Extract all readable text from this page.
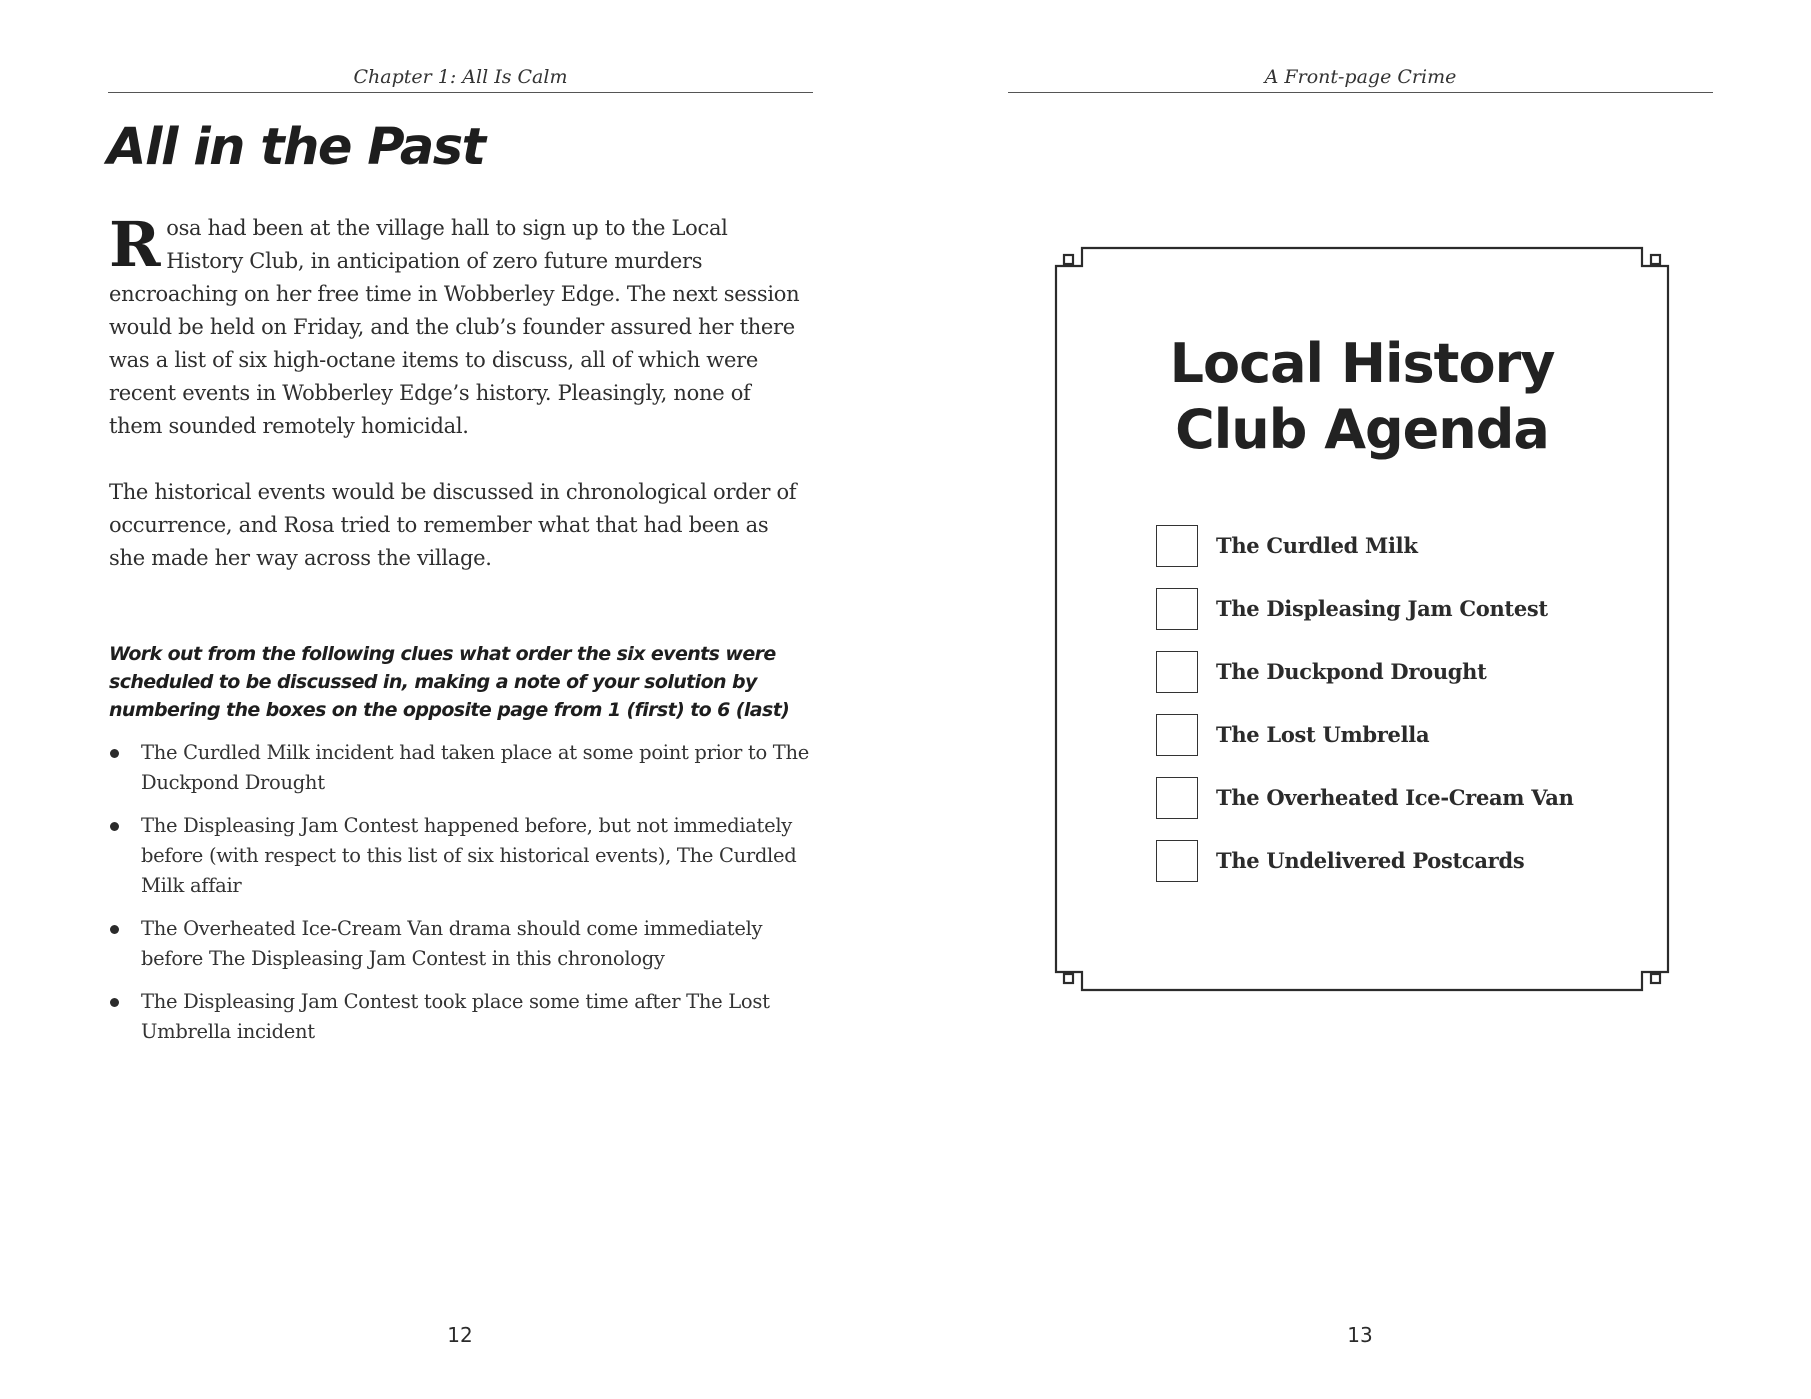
Chapter 1: All Is Calm
All in the Past

Rosa had been at the village hall to sign up to the Local History Club, in anticipation of zero future murders encroaching on her free time in Wobberley Edge. The next session would be held on Friday, and the club’s founder assured her there was a list of six high-octane items to discuss, all of which were recent events in Wobberley Edge’s history. Pleasingly, none of them sounded remotely homicidal.

The historical events would be discussed in chronological order of occurrence, and Rosa tried to remember what that had been as she made her way across the village.

Work out from the following clues what order the six events were scheduled to be discussed in, making a note of your solution by numbering the boxes on the opposite page from 1 (first) to 6 (last)

The Curdled Milk incident had taken place at some point prior to The Duckpond Drought
The Displeasing Jam Contest happened before, but not immediately before (with respect to this list of six historical events), The Curdled Milk affair
The Overheated Ice-Cream Van drama should come immediately before The Displeasing Jam Contest in this chronology
The Displeasing Jam Contest took place some time after The Lost Umbrella incident
12
A Front-page Crime
Local History
Club Agenda
The Curdled Milk
The Displeasing Jam Contest
The Duckpond Drought
The Lost Umbrella
The Overheated Ice-Cream Van
The Undelivered Postcards
13
